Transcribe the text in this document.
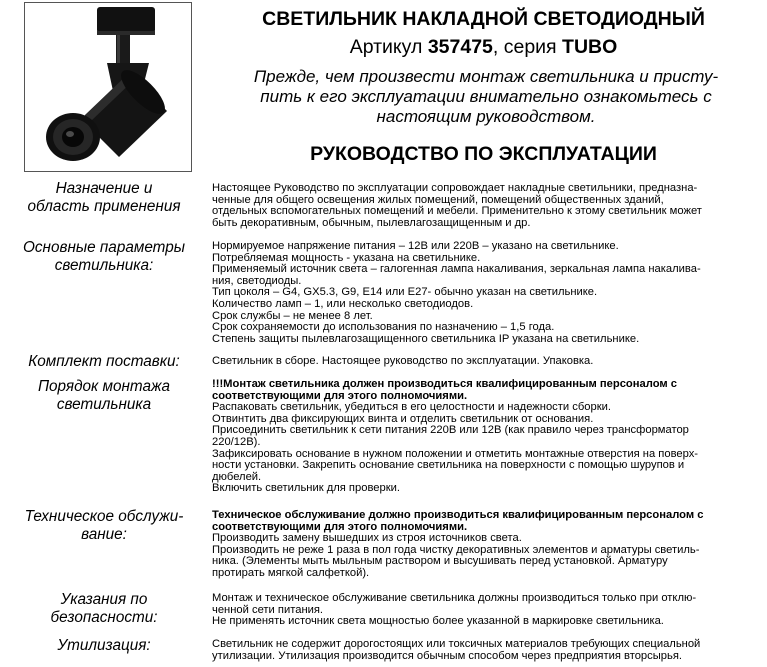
СВЕТИЛЬНИК НАКЛАДНОЙ СВЕТОДИОДНЫЙ
Артикул 357475, серия TUBO
Прежде, чем произвести монтаж светильника и присту-
пить к его эксплуатации внимательно ознакомьтесь с
настоящим руководством.
РУКОВОДСТВО ПО ЭКСПЛУАТАЦИИ
Назначение и
область применения
Настоящее Руководство по эксплуатации сопровождает накладные светильники, предназна-
ченные для общего освещения жилых помещений, помещений общественных зданий,
отдельных вспомогательных помещений и мебели. Применительно к этому светильник может
быть декоративным, обычным, пылевлагозащищенным и др.
Основные параметры
светильника:
Нормируемое напряжение питания – 12В или 220В – указано на светильнике.
Потребляемая мощность - указана на светильнике.
Применяемый источник света – галогенная лампа накаливания, зеркальная лампа накалива-
ния, светодиоды.
Тип цоколя – G4, GX5.3, G9, E14 или E27- обычно указан на светильнике.
Количество ламп – 1, или несколько светодиодов.
Срок службы – не менее 8 лет.
Срок сохраняемости до использования по назначению – 1,5 года.
Степень защиты пылевлагозащищенного светильника IP указана на светильнике.
Комплект поставки:	Светильник в сборе. Настоящее руководство по эксплуатации. Упаковка.
Порядок монтажа
светильника
!!!Монтаж светильника должен производиться квалифицированным персоналом с
соответствующими для этого полномочиями.
Распаковать светильник, убедиться в его целостности и надежности сборки.
Отвинтить два фиксирующих винта и отделить светильник от основания.
Присоединить светильник к сети питания 220В или 12В (как правило через трансформатор
220/12В).
Зафиксировать основание в нужном положении и отметить монтажные отверстия на поверх-
ности установки. Закрепить основание светильника на поверхности с помощью шурупов и
дюбелей.
Включить светильник для проверки.
Техническое обслужи-
вание:
Техническое обслуживание должно производиться квалифицированным персоналом с
соответствующими для этого полномочиями.
Производить замену вышедших из строя источников света.
Производить не реже 1 раза в пол года чистку декоративных элементов и арматуры светиль-
ника. (Элементы мыть мыльным раствором и высушивать перед установкой. Арматуру
протирать мягкой салфеткой).
Указания по
безопасности:
Монтаж и техническое обслуживание светильника должны производиться только при отклю-
ченной сети питания.
Не применять источник света мощностью более указанной в маркировке светильника.
Утилизация:	Светильник не содержит дорогостоящих или токсичных материалов требующих специальной
утилизации. Утилизация производится обычным способом через предприятия вторсырья.
